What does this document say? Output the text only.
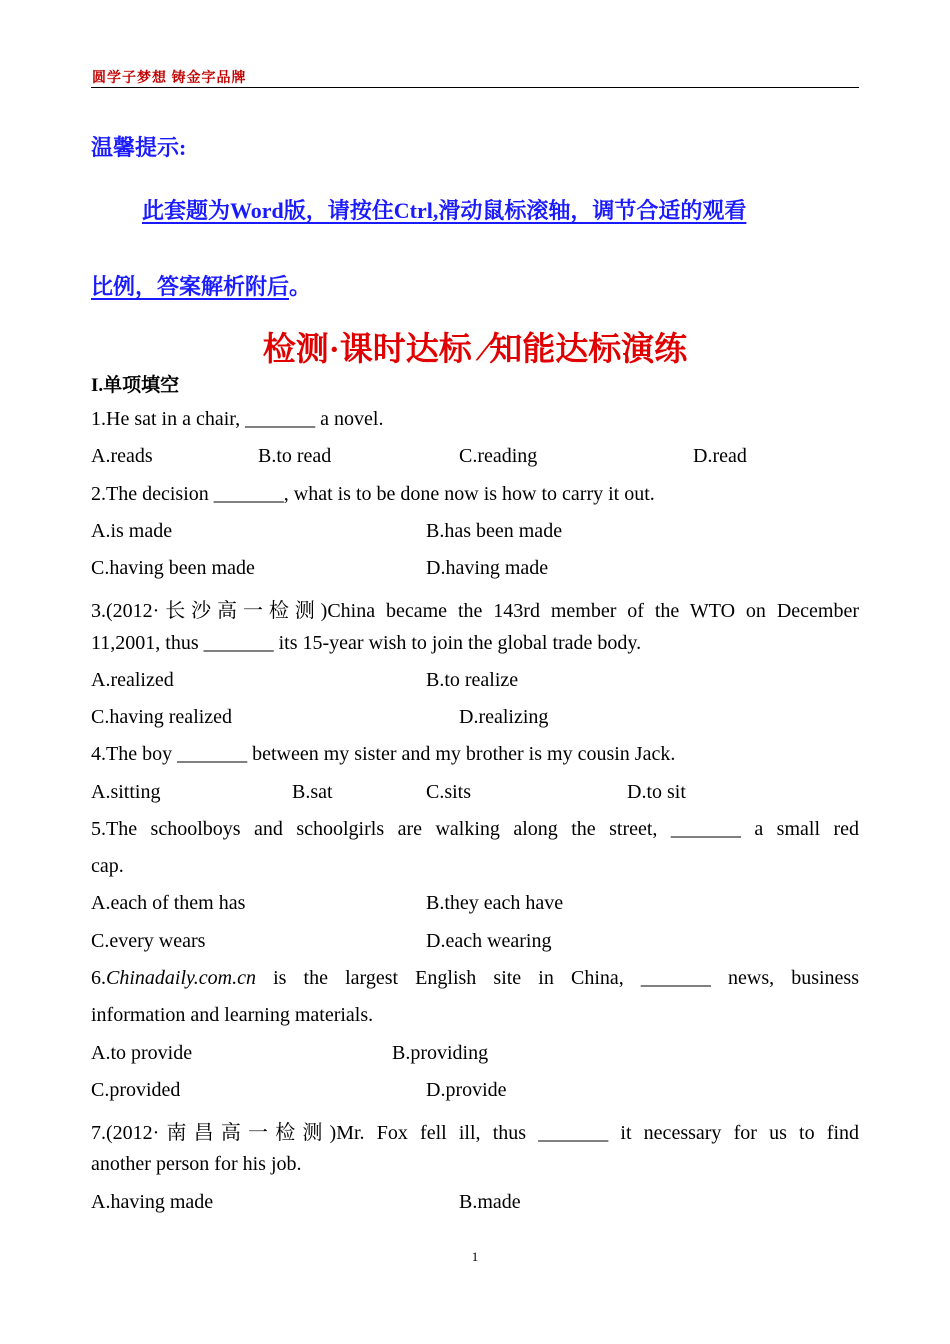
圆学子梦想 铸金字品牌
温馨提示:
此套题为Word版，请按住Ctrl,滑动鼠标滚轴，调节合适的观看
比例，答案解析附后。
检测·课时达标 /知能达标演练
I.单项填空
1.He sat in a chair, _______ a novel.
A.reads	B.to read	C.reading	D.read
2.The decision _______, what is to be done now is how to carry it out.
A.is made	B.has been made
C.having been made	D.having made
3.(2012·长沙高一检测)China became the 143rd member of the WTO on December
11,2001, thus _______ its 15-year wish to join the global trade body.
A.realized	B.to realize
C.having realized	D.realizing
4.The boy _______ between my sister and my brother is my cousin Jack.
A.sitting	B.sat	C.sits	D.to sit
5.The schoolboys and schoolgirls are walking along the street, _______ a small red
cap.
A.each of them has	B.they each have
C.every wears	D.each wearing
6.Chinadaily.com.cn is the largest English site in China, _______ news, business
information and learning materials.
A.to provide	B.providing
C.provided	D.provide
7.(2012·南昌高一检测)Mr. Fox fell ill, thus _______ it necessary for us to find
another person for his job.
A.having made	B.made
1
